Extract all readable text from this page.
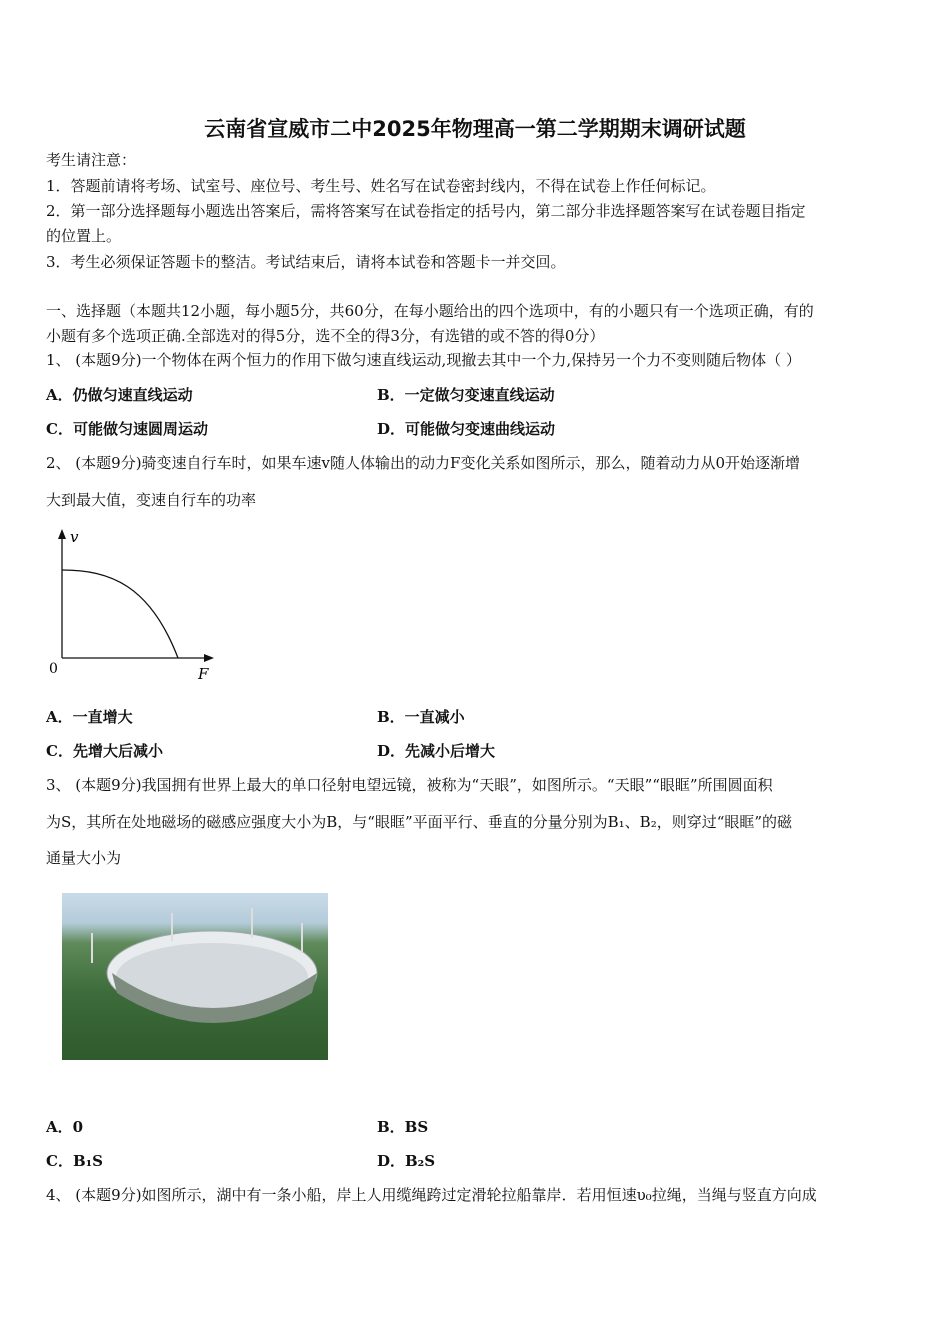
云南省宣威市二中2025年物理高一第二学期期末调研试题
考生请注意：
1．答题前请将考场、试室号、座位号、考生号、姓名写在试卷密封线内，不得在试卷上作任何标记。
2．第一部分选择题每小题选出答案后，需将答案写在试卷指定的括号内，第二部分非选择题答案写在试卷题目指定
的位置上。
3．考生必须保证答题卡的整洁。考试结束后，请将本试卷和答题卡一并交回。
一、选择题（本题共12小题，每小题5分，共60分，在每小题给出的四个选项中，有的小题只有一个选项正确，有的
小题有多个选项正确.全部选对的得5分，选不全的得3分，有选错的或不答的得0分）
1、 (本题9分)一个物体在两个恒力的作用下做匀速直线运动,现撤去其中一个力,保持另一个力不变则随后物体（ ）
A．仍做匀速直线运动	B．一定做匀变速直线运动
C．可能做匀速圆周运动	D．可能做匀变速曲线运动
2、 (本题9分)骑变速自行车时，如果车速v随人体输出的动力F变化关系如图所示，那么，随着动力从0开始逐渐增
大到最大值，变速自行车的功率
v
F
0
A．一直增大	B．一直减小
C．先增大后减小	D．先减小后增大
3、 (本题9分)我国拥有世界上最大的单口径射电望远镜，被称为“天眼”，如图所示。“天眼”“眼眶”所围圆面积
为S，其所在处地磁场的磁感应强度大小为B，与“眼眶”平面平行、垂直的分量分别为B₁、B₂，则穿过“眼眶”的磁
通量大小为
A．0	B．BS
C．B₁S	D．B₂S
4、 (本题9分)如图所示，湖中有一条小船，岸上人用缆绳跨过定滑轮拉船靠岸．若用恒速υ₀拉绳，当绳与竖直方向成
